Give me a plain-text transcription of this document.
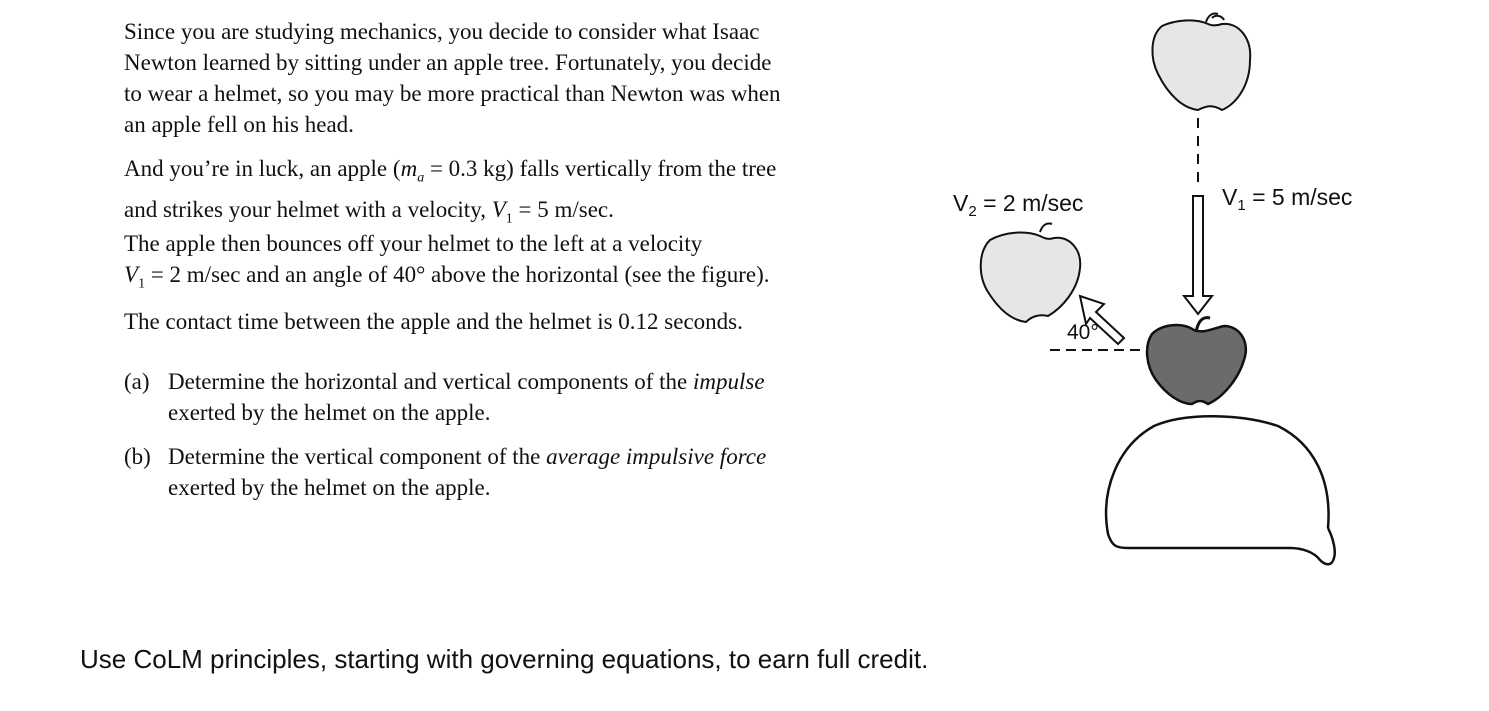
Since you are studying mechanics, you decide to consider what Isaac
Newton learned by sitting under an apple tree. Fortunately, you decide
to wear a helmet, so you may be more practical than Newton was when
an apple fell on his head.
And you’re in luck, an apple ($m_a = 0.3$ kg) falls vertically from the tree
and strikes your helmet with a velocity, $V_1 = 5$ m/sec.
The apple then bounces off your helmet to the left at a velocity
$V_1 = 2$ m/sec and an angle of 40° above the horizontal (see the figure).
The contact time between the apple and the helmet is 0.12 seconds.
(a) Determine the horizontal and vertical components of the impulse
exerted by the helmet on the apple.
(b) Determine the vertical component of the average impulsive force
exerted by the helmet on the apple.
$V_2 = 2$ m/sec	$V_1 = 5$ m/sec
40°
Use CoLM principles, starting with governing equations, to earn full credit.
